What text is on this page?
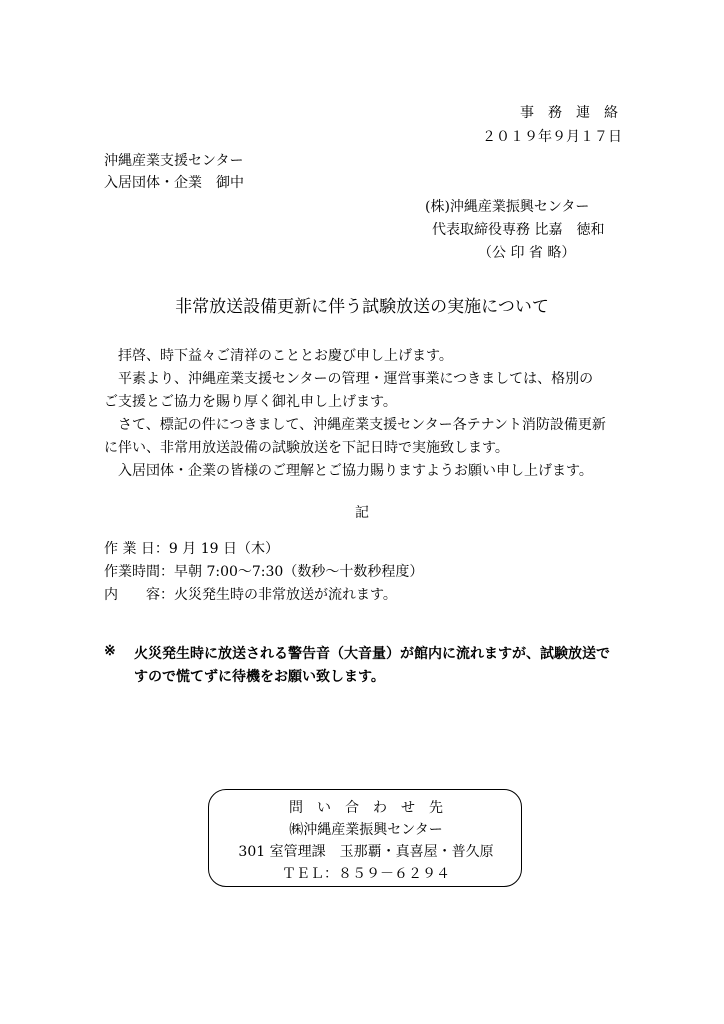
事　務　連　絡
２０１９年９月１７日
沖縄産業支援センター
入居団体・企業　御中
(株)沖縄産業振興センター
代表取締役専務 比嘉　徳和
（公 印 省 略）
非常放送設備更新に伴う試験放送の実施について
拝啓、時下益々ご清祥のこととお慶び申し上げます。
平素より、沖縄産業支援センターの管理・運営事業につきましては、格別の
ご支援とご協力を賜り厚く御礼申し上げます。
さて、標記の件につきまして、沖縄産業支援センター各テナント消防設備更新
に伴い、非常用放送設備の試験放送を下記日時で実施致します。
入居団体・企業の皆様のご理解とご協力賜りますようお願い申し上げます。
記
作 業 日：9 月 19 日（木）
作業時間：早朝 7:00～7:30（数秒～十数秒程度）
内　　容：火災発生時の非常放送が流れます。
※ 火災発生時に放送される警告音（大音量）が館内に流れますが、試験放送で
すので慌てずに待機をお願い致します。
問　い　合　わ　せ　先
㈱沖縄産業振興センター
301 室管理課　玉那覇・真喜屋・普久原
ＴＥＬ：８５９－６２９４
